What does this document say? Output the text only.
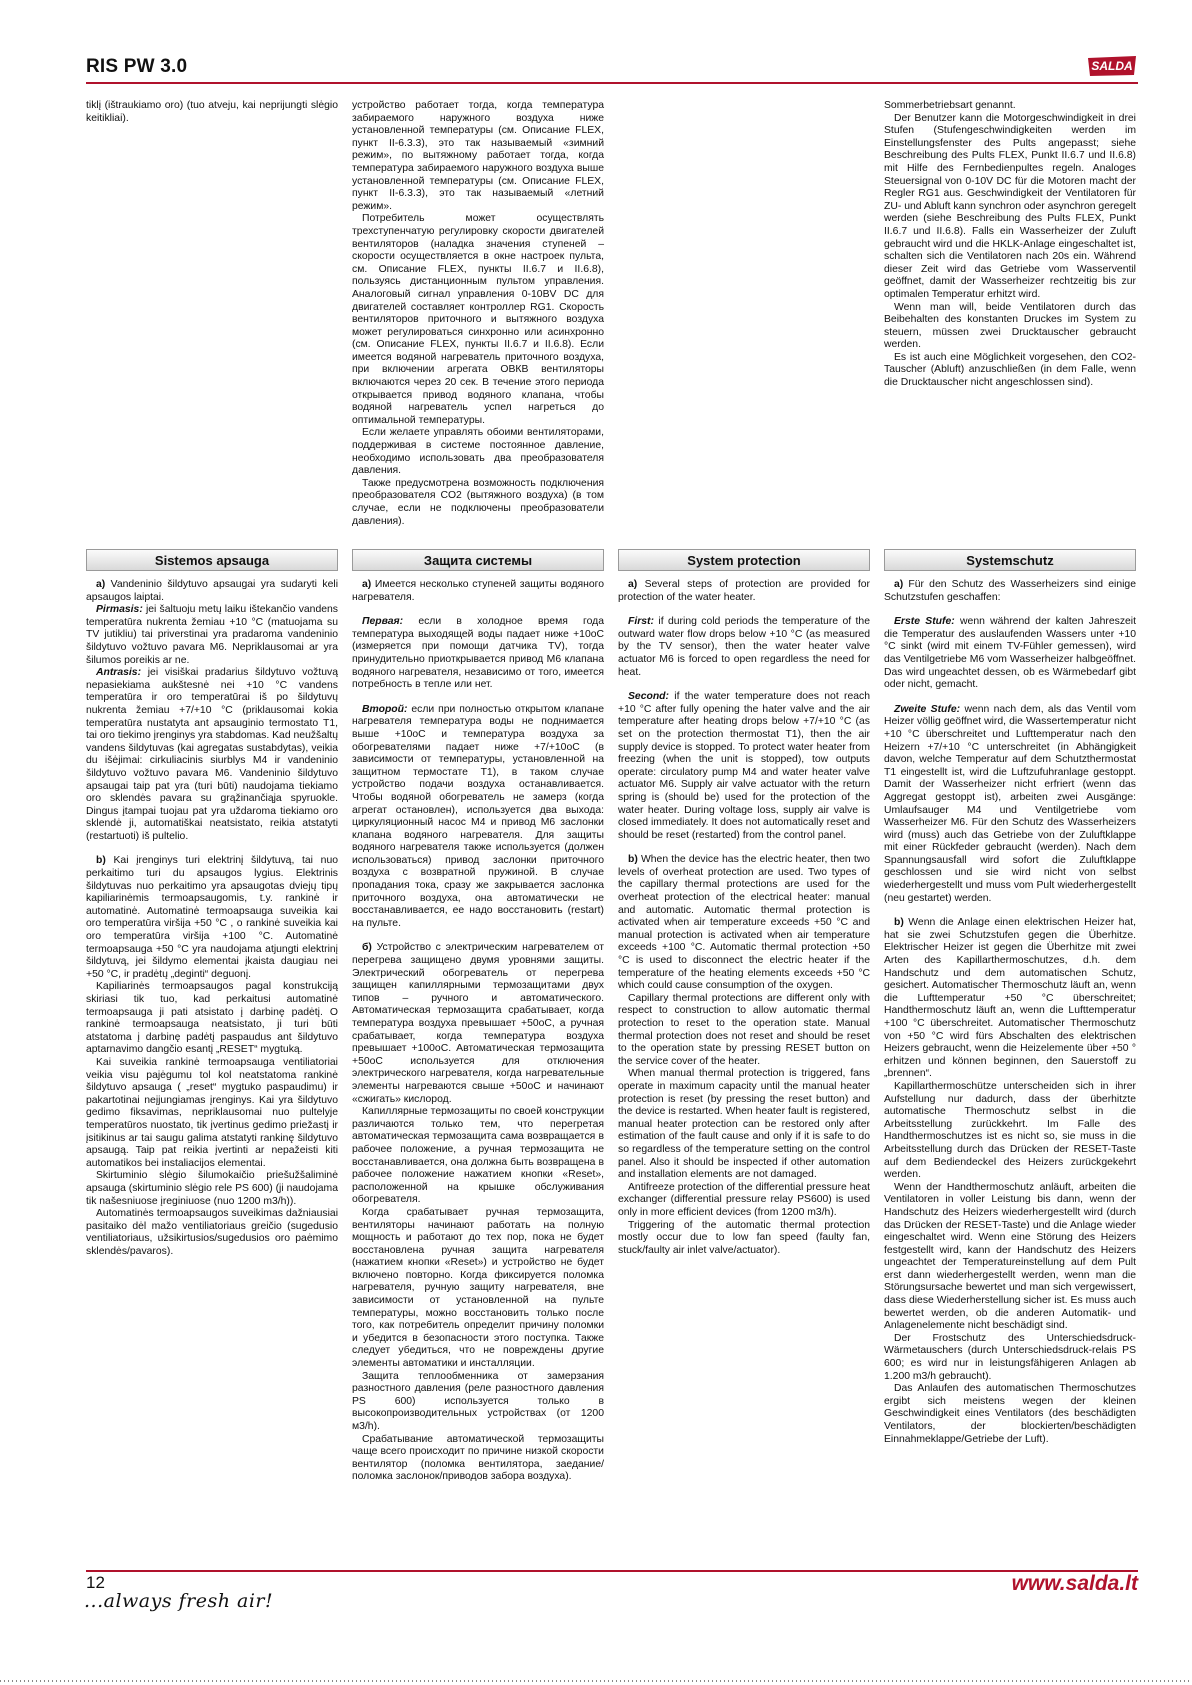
RIS PW 3.0	SALDA

tiklį (ištraukiamo oro) (tuo atveju, kai neprijungti slėgio keitikliai).

устройство работает тогда, когда температура забираемого наружного воздуха ниже установленной температуры (см. Описание FLEX, пункт II-6.3.3), это так называемый «зимний режим», по вытяжному работает тогда, когда температура забираемого наружного воздуха выше установленной температуры (см. Описание FLEX, пункт II-6.3.3), это так называемый «летний режим».

Потребитель может осуществлять трехступенчатую регулировку скорости двигателей вентиляторов (наладка значения ступеней – скорости осуществляется в окне настроек пульта, см. Описание FLEX, пункты II.6.7 и II.6.8), пользуясь дистанционным пультом управления. Аналоговый сигнал управления 0-10BV DC для двигателей составляет контроллер RG1. Скорость вентиляторов приточного и вытяжного воздуха может регулироваться синхронно или асинхронно (см. Описание FLEX, пункты II.6.7 и II.6.8). Если имеется водяной нагреватель приточного воздуха, при включении агрегата ОВКВ вентиляторы включаются через 20 сек. В течение этого периода открывается привод водяного клапана, чтобы водяной нагреватель успел нагреться до оптимальной температуры.

Если желаете управлять обоими вентиляторами, поддерживая в системе постоянное давление, необходимо использовать два преобразователя давления.

Также предусмотрена возможность подключения преобразователя CO2 (вытяжного воздуха) (в том случае, если не подключены преобразователи давления).

Sommerbetriebsart genannt.

Der Benutzer kann die Motorgeschwindigkeit in drei Stufen (Stufengeschwindigkeiten werden im Einstellungsfenster des Pults angepasst; siehe Beschreibung des Pults FLEX, Punkt II.6.7 und II.6.8) mit Hilfe des Fernbedienpultes regeln. Analoges Steuersignal von 0-10V DC für die Motoren macht der Regler RG1 aus. Geschwindigkeit der Ventilatoren für ZU- und Abluft kann synchron oder asynchron geregelt werden (siehe Beschreibung des Pults FLEX, Punkt II.6.7 und II.6.8). Falls ein Wasserheizer der Zuluft gebraucht wird und die HKLK-Anlage eingeschaltet ist, schalten sich die Ventilatoren nach 20s ein. Während dieser Zeit wird das Getriebe vom Wasserventil geöffnet, damit der Wasserheizer rechtzeitig bis zur optimalen Temperatur erhitzt wird.

Wenn man will, beide Ventilatoren durch das Beibehalten des konstanten Druckes im System zu steuern, müssen zwei Drucktauscher gebraucht werden.

Es ist auch eine Möglichkeit vorgesehen, den CO2-Tauscher (Abluft) anzuschließen (in dem Falle, wenn die Drucktauscher nicht angeschlossen sind).

Sistemos apsauga	Защита системы	System protection	Systemschutz

a) Vandeninio šildytuvo apsaugai yra sudaryti keli apsaugos laiptai.

Pirmasis: jei šaltuoju metų laiku ištekančio vandens temperatūra nukrenta žemiau +10 °C (matuojama su TV jutikliu) tai priverstinai yra pradaroma vandeninio šildytuvo vožtuvo pavara M6. Nepriklausomai ar yra šilumos poreikis ar ne.

Antrasis: jei visiškai pradarius šildytuvo vožtuvą nepasiekiama aukštesnė nei +10 °C vandens temperatūra ir oro temperatūrai iš po šildytuvų nukrenta žemiau +7/+10 °C (priklausomai kokia temperatūra nustatyta ant apsauginio termostato T1, tai oro tiekimo įrenginys yra stabdomas. Kad neužšaltų vandens šildytuvas (kai agregatas sustabdytas), veikia du išėjimai: cirkuliacinis siurblys M4 ir vandeninio šildytuvo vožtuvo pavara M6. Vandeninio šildytuvo apsaugai taip pat yra (turi būti) naudojama tiekiamo oro sklendės pavara su grąžinančiąja spyruokle. Dingus įtampai tuojau pat yra uždaroma tiekiamo oro sklendė ji, automatiškai neatsistato, reikia atstatyti (restartuoti) iš pultelio.

b) Kai įrenginys turi elektrinį šildytuvą, tai nuo perkaitimo turi du apsaugos lygius. Elektrinis šildytuvas nuo perkaitimo yra apsaugotas dviejų tipų kapiliarinėmis termoapsaugomis, t.y. rankinė ir automatinė. Automatinė termoapsauga suveikia kai oro temperatūra viršija +50 °C , o rankinė suveikia kai oro temperatūra viršija +100 °C. Automatinė termoapsauga +50 °C yra naudojama atjungti elektrinį šildytuvą, jei šildymo elementai įkaista daugiau nei +50 °C, ir pradėtų „deginti“ deguonį.

Kapiliarinės termoapsaugos pagal konstrukciją skiriasi tik tuo, kad perkaitusi automatinė termoapsauga ji pati atsistato į darbinę padėtį. O rankinė termoapsauga neatsistato, ji turi būti atstatoma į darbinę padėtį paspaudus ant šildytuvo aptarnavimo dangčio esantį „RESET“ mygtuką.

Kai suveikia rankinė termoapsauga ventiliatoriai veikia visu pajėgumu tol kol neatstatoma rankinė šildytuvo apsauga ( „reset“ mygtuko paspaudimu) ir pakartotinai neįjungiamas įrenginys. Kai yra šildytuvo gedimo fiksavimas, nepriklausomai nuo pultelyje temperatūros nuostato, tik įvertinus gedimo priežastį ir įsitikinus ar tai saugu galima atstatyti rankinę šildytuvo apsaugą. Taip pat reikia įvertinti ar nepažeisti kiti automatikos bei instaliacijos elementai.

Skirtuminio slėgio šilumokaičio priešužšaliminė apsauga (skirtuminio slėgio rele PS 600) (ji naudojama tik našesniuose įreginiuose (nuo 1200 m3/h)).

Automatinės termoapsaugos suveikimas dažniausiai pasitaiko dėl mažo ventiliatoriaus greičio (sugedusio ventiliatoriaus, užsikirtusios/sugedusios oro paėmimo sklendės/pavaros).

а) Имеется несколько ступеней защиты водяного нагревателя.

Первая: если в холодное время года температура выходящей воды падает ниже +10oC (измеряется при помощи датчика TV), тогда принудительно приоткрывается привод M6 клапана водяного нагревателя, независимо от того, имеется потребность в тепле или нет.

Второй: если при полностью открытом клапане нагревателя температура воды не поднимается выше +10oC и температура воздуха за обогревателями падает ниже +7/+10oC (в зависимости от температуры, установленной на защитном термостате T1), в таком случае устройство подачи воздуха останавливается. Чтобы водяной обогреватель не замерз (когда агрегат остановлен), используется два выхода: циркуляционный насос M4 и привод M6 заслонки клапана водяного нагревателя. Для защиты водяного нагревателя также используется (должен использоваться) привод заслонки приточного воздуха с возвратной пружиной. В случае пропадания тока, сразу же закрывается заслонка приточного воздуха, она автоматически не восстанавливается, ее надо восстановить (restart) на пульте.

б) Устройство с электрическим нагревателем от перегрева защищено двумя уровнями защиты. Электрический обогреватель от перегрева защищен капиллярными термозащитами двух типов – ручного и автоматического. Автоматическая термозащита срабатывает, когда температура воздуха превышает +50oC, а ручная срабатывает, когда температура воздуха превышает +100oC. Автоматическая термозащита +50oC используется для отключения электрического нагревателя, когда нагревательные элементы нагреваются свыше +50oC и начинают «сжигать» кислород.

Капиллярные термозащиты по своей конструкции различаются только тем, что перегретая автоматическая термозащита сама возвращается в рабочее положение, а ручная термозащита не восстанавливается, она должна быть возвращена в рабочее положение нажатием кнопки «Reset», расположенной на крышке обслуживания обогревателя.

Когда срабатывает ручная термозащита, вентиляторы начинают работать на полную мощность и работают до тех пор, пока не будет восстановлена ручная защита нагревателя (нажатием кнопки «Reset») и устройство не будет включено повторно. Когда фиксируется поломка нагревателя, ручную защиту нагревателя, вне зависимости от установленной на пульте температуры, можно восстановить только после того, как потребитель определит причину поломки и убедится в безопасности этого поступка. Также следует убедиться, что не повреждены другие элементы автоматики и инсталляции.

Защита теплообменника от замерзания разностного давления (реле разностного давления PS 600) используется только в высокопроизводительных устройствах (от 1200 м3/h).

Срабатывание автоматической термозащиты чаще всего происходит по причине низкой скорости вентилятор (поломка вентилятора, заедание/поломка заслонок/приводов забора воздуха).

a) Several steps of protection are provided for protection of the water heater.

First: if during cold periods the temperature of the outward water flow drops below +10 °C (as measured by the TV sensor), then the water heater valve actuator M6 is forced to open regardless the need for heat.

Second: if the water temperature does not reach +10 °C after fully opening the hater valve and the air temperature after heating drops below +7/+10 °C (as set on the protection thermostat T1), then the air supply device is stopped. To protect water heater from freezing (when the unit is stopped), tow outputs operate: circulatory pump M4 and water heater valve actuator M6. Supply air valve actuator with the return spring is (should be) used for the protection of the water heater. During voltage loss, supply air valve is closed immediately. It does not automatically reset and should be reset (restarted) from the control panel.

b) When the device has the electric heater, then two levels of overheat protection are used. Two types of the capillary thermal protections are used for the overheat protection of the electrical heater: manual and automatic. Automatic thermal protection is activated when air temperature exceeds +50 °C and manual protection is activated when air temperature exceeds +100 °C. Automatic thermal protection +50 °C is used to disconnect the electric heater if the temperature of the heating elements exceeds +50 °C which could cause consumption of the oxygen.

Capillary thermal protections are different only with respect to construction to allow automatic thermal protection to reset to the operation state. Manual thermal protection does not reset and should be reset to the operation state by pressing RESET button on the service cover of the heater.

When manual thermal protection is triggered, fans operate in maximum capacity until the manual heater protection is reset (by pressing the reset button) and the device is restarted. When heater fault is registered, manual heater protection can be restored only after estimation of the fault cause and only if it is safe to do so regardless of the temperature setting on the control panel. Also it should be inspected if other automation and installation elements are not damaged.

Antifreeze protection of the differential pressure heat exchanger (differential pressure relay PS600) is used only in more efficient devices (from 1200 m3/h).

Triggering of the automatic thermal protection mostly occur due to low fan speed (faulty fan, stuck/faulty air inlet valve/actuator).

a) Für den Schutz des Wasserheizers sind einige Schutzstufen geschaffen:

Erste Stufe: wenn während der kalten Jahreszeit die Temperatur des auslaufenden Wassers unter +10 °C sinkt (wird mit einem TV-Fühler gemessen), wird das Ventilgetriebe M6 vom Wasserheizer halbgeöffnet. Das wird ungeachtet dessen, ob es Wärmebedarf gibt oder nicht, gemacht.

Zweite Stufe: wenn nach dem, als das Ventil vom Heizer völlig geöffnet wird, die Wassertemperatur nicht +10 °C überschreitet und Lufttemperatur nach den Heizern +7/+10 °C unterschreitet (in Abhängigkeit davon, welche Temperatur auf dem Schutzthermostat T1 eingestellt ist, wird die Luftzufuhranlage gestoppt. Damit der Wasserheizer nicht erfriert (wenn das Aggregat gestoppt ist), arbeiten zwei Ausgänge: Umlaufsauger M4 und Ventilgetriebe vom Wasserheizer M6. Für den Schutz des Wasserheizers wird (muss) auch das Getriebe von der Zuluftklappe mit einer Rückfeder gebraucht (werden). Nach dem Spannungsausfall wird sofort die Zuluftklappe geschlossen und sie wird nicht von selbst wiederhergestellt und muss vom Pult wiederhergestellt (neu gestartet) werden.

b) Wenn die Anlage einen elektrischen Heizer hat, hat sie zwei Schutzstufen gegen die Überhitze. Elektrischer Heizer ist gegen die Überhitze mit zwei Arten des Kapillarthermoschutzes, d.h. dem Handschutz und dem automatischen Schutz, gesichert. Automatischer Thermoschutz läuft an, wenn die Lufttemperatur +50 °C überschreitet; Handthermoschutz läuft an, wenn die Lufttemperatur +100 °C überschreitet. Automatischer Thermoschutz von +50 °C wird fürs Abschalten des elektrischen Heizers gebraucht, wenn die Heizelemente über +50 ° erhitzen und können beginnen, den Sauerstoff zu „brennen“.

Kapillarthermoschütze unterscheiden sich in ihrer Aufstellung nur dadurch, dass der überhitzte automatische Thermoschutz selbst in die Arbeitsstellung zurückkehrt. Im Falle des Handthermoschutzes ist es nicht so, sie muss in die Arbeitsstellung durch das Drücken der RESET-Taste auf dem Bediendeckel des Heizers zurückgekehrt werden.

Wenn der Handthermoschutz anläuft, arbeiten die Ventilatoren in voller Leistung bis dann, wenn der Handschutz des Heizers wiederhergestellt wird (durch das Drücken der RESET-Taste) und die Anlage wieder eingeschaltet wird. Wenn eine Störung des Heizers festgestellt wird, kann der Handschutz des Heizers ungeachtet der Temperatureinstellung auf dem Pult erst dann wiederhergestellt werden, wenn man die Störungsursache bewertet und man sich vergewissert, dass diese Wiederherstellung sicher ist. Es muss auch bewertet werden, ob die anderen Automatik- und Anlagenelemente nicht beschädigt sind.

Der Frostschutz des Unterschiedsdruck-Wärmetauschers (durch Unterschiedsdruck-relais PS 600; es wird nur in leistungsfähigeren Anlagen ab 1.200 m3/h gebraucht).

Das Anlaufen des automatischen Thermoschutzes ergibt sich meistens wegen der kleinen Geschwindigkeit eines Ventilators (des beschädigten Ventilators, der blockierten/beschädigten Einnahmeklappe/Getriebe der Luft).

12
...always fresh air!
www.salda.lt
